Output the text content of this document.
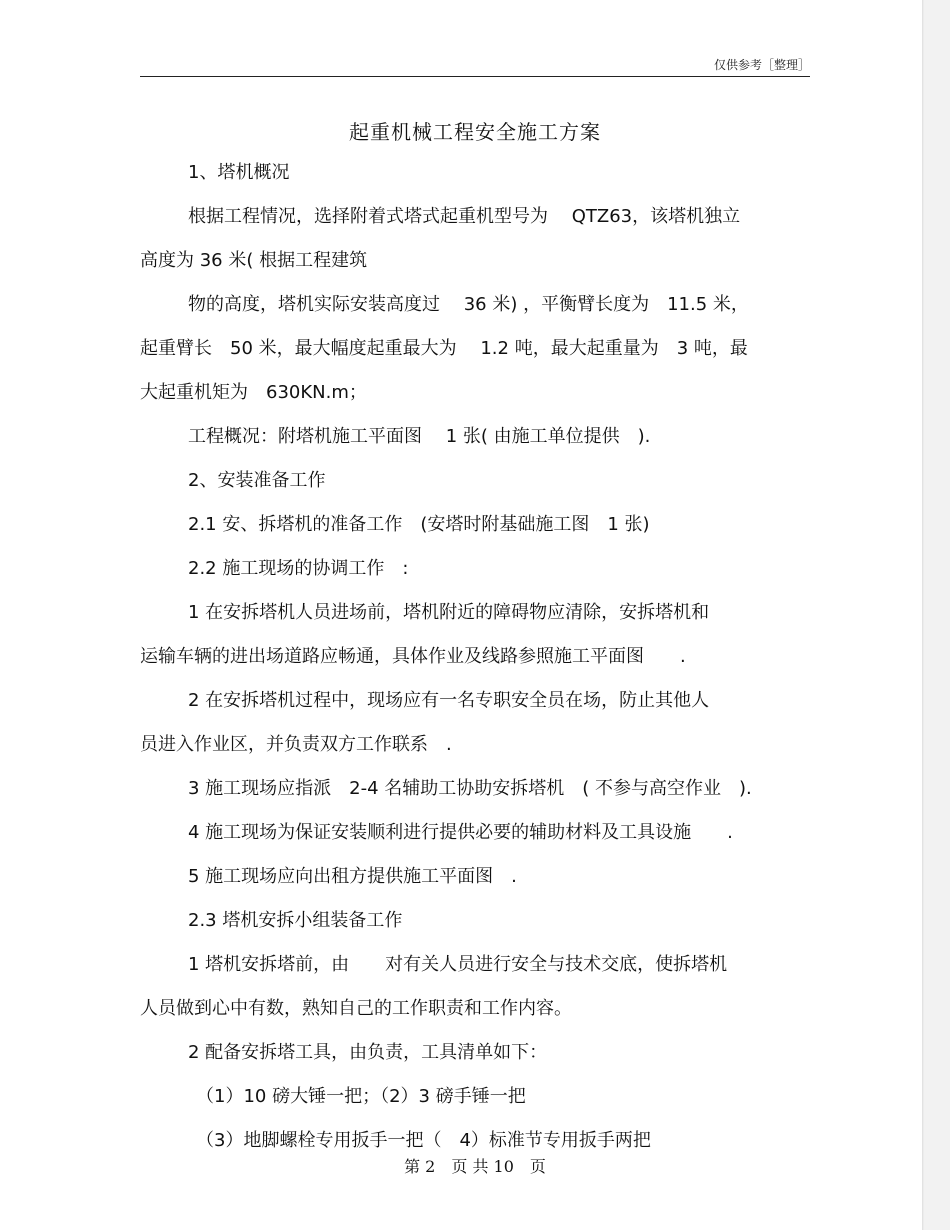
仅供参考［整理］
起重机械工程安全施工方案
1、塔机概况
根据工程情况，选择附着式塔式起重机型号为　 QTZ63，该塔机独立
高度为 36 米( 根据工程建筑
物的高度，塔机实际安装高度过　 36 米) ，平衡臂长度为　11.5 米，
起重臂长　50 米，最大幅度起重最大为　 1.2 吨，最大起重量为　3 吨，最
大起重机矩为　630KN.m；
工程概况：附塔机施工平面图　 1 张( 由施工单位提供　).
2、安装准备工作
2.1 安、拆塔机的准备工作　(安塔时附基础施工图　1 张)
2.2 施工现场的协调工作　:
1 在安拆塔机人员进场前，塔机附近的障碍物应清除，安拆塔机和
运输车辆的进出场道路应畅通，具体作业及线路参照施工平面图　　.
2 在安拆塔机过程中，现场应有一名专职安全员在场，防止其他人
员进入作业区，并负责双方工作联系　.
3 施工现场应指派　2-4 名辅助工协助安拆塔机　( 不参与高空作业　).
4 施工现场为保证安装顺利进行提供必要的辅助材料及工具设施　　.
5 施工现场应向出租方提供施工平面图　.
2.3 塔机安拆小组装备工作
1 塔机安拆塔前，由　　对有关人员进行安全与技术交底，使拆塔机
人员做到心中有数，熟知自己的工作职责和工作内容。
2 配备安拆塔工具，由负责，工具清单如下：
（1）10 磅大锤一把；（2）3 磅手锤一把
（3）地脚螺栓专用扳手一把（　4）标准节专用扳手两把
第 2　页 共 10　页
